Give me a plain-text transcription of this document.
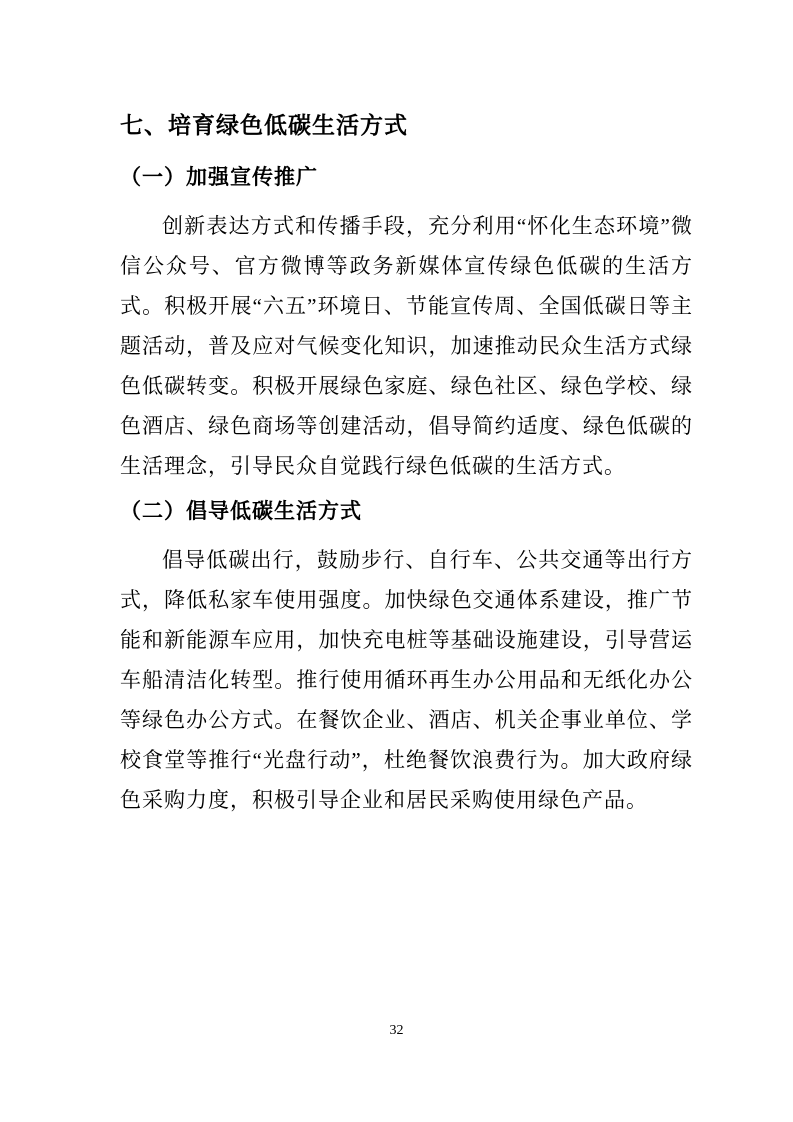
七、培育绿色低碳生活方式
（一）加强宣传推广

创新表达方式和传播手段，充分利用“怀化生态环境”微信公众号、官方微博等政务新媒体宣传绿色低碳的生活方式。积极开展“六五”环境日、节能宣传周、全国低碳日等主题活动，普及应对气候变化知识，加速推动民众生活方式绿色低碳转变。积极开展绿色家庭、绿色社区、绿色学校、绿色酒店、绿色商场等创建活动，倡导简约适度、绿色低碳的生活理念，引导民众自觉践行绿色低碳的生活方式。

（二）倡导低碳生活方式

倡导低碳出行，鼓励步行、自行车、公共交通等出行方式，降低私家车使用强度。加快绿色交通体系建设，推广节能和新能源车应用，加快充电桩等基础设施建设，引导营运车船清洁化转型。推行使用循环再生办公用品和无纸化办公等绿色办公方式。在餐饮企业、酒店、机关企事业单位、学校食堂等推行“光盘行动”，杜绝餐饮浪费行为。加大政府绿色采购力度，积极引导企业和居民采购使用绿色产品。

32
